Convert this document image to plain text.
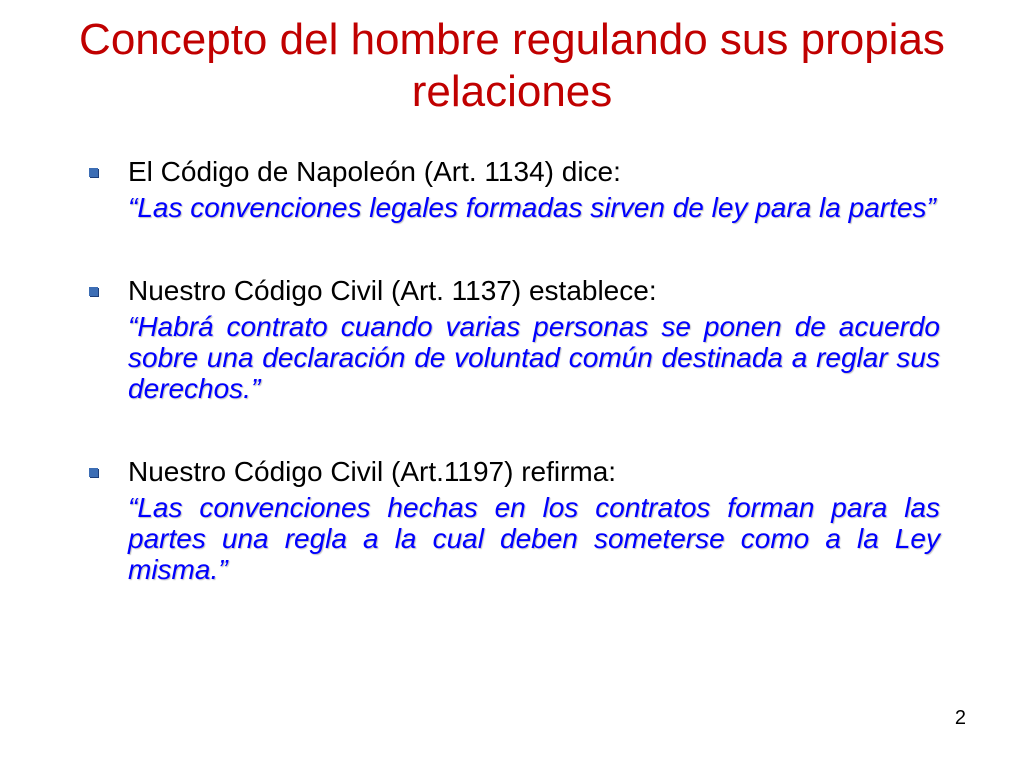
Concepto del hombre regulando sus propias relaciones
El Código de Napoleón (Art. 1134) dice:
“Las convenciones legales formadas sirven de ley para la partes”
Nuestro Código Civil (Art. 1137) establece:
“Habrá contrato cuando varias personas se ponen de acuerdo sobre una declaración de voluntad común destinada a reglar sus derechos.”
Nuestro Código Civil (Art.1197) refirma:
“Las convenciones hechas en los contratos forman para las partes una regla a la cual deben someterse como a la Ley misma.”
2
